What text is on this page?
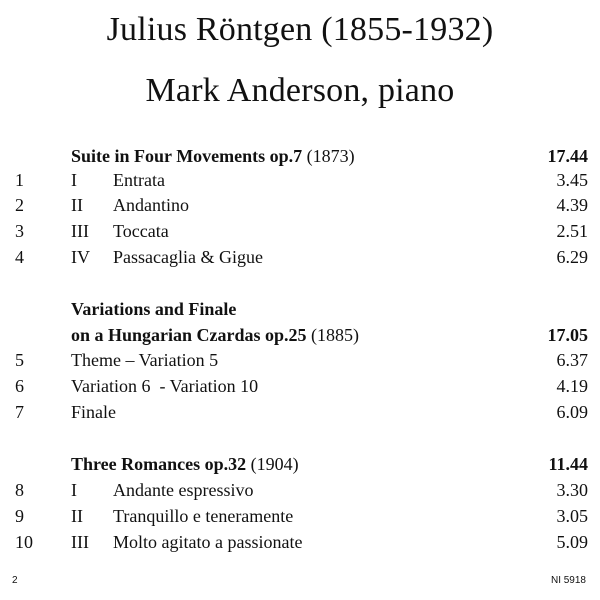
Julius Röntgen (1855-1932)
Mark Anderson, piano
Suite in Four Movements op.7 (1873)	17.44
1	I Entrata	3.45
2	II Andantino	4.39
3	III Toccata	2.51
4	IV Passacaglia & Gigue	6.29
Variations and Finale
on a Hungarian Czardas op.25 (1885)	17.05
5	Theme – Variation 5	6.37
6	Variation 6  - Variation 10	4.19
7	Finale	6.09
Three Romances op.32 (1904)	11.44
8	I Andante espressivo	3.30
9	II Tranquillo e teneramente	3.05
10 III Molto agitato a passionate	5.09
2	NI 5918
